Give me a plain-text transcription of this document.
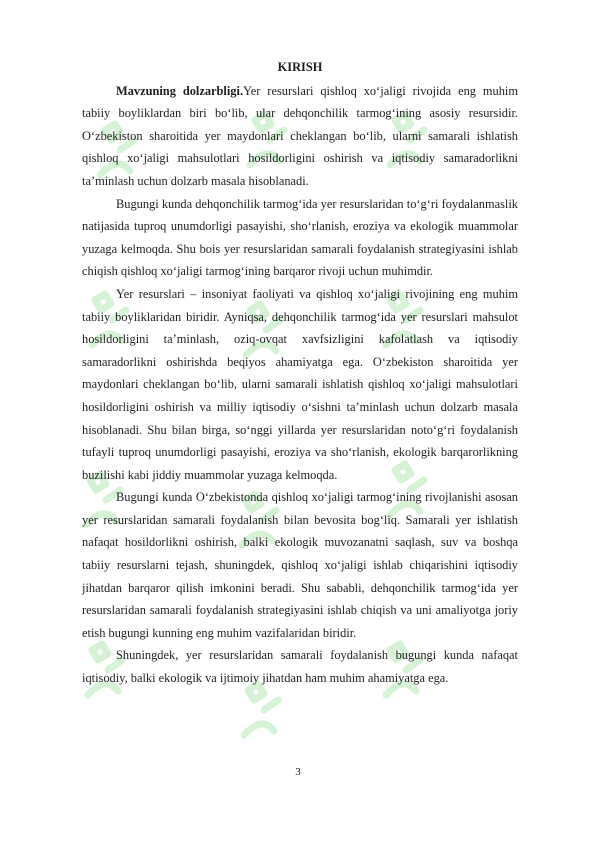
KIRISH

Mavzuning dolzarbligi.Yer resurslari qishloq xo‘jaligi rivojida eng muhim tabiiy boyliklardan biri bo‘lib, ular dehqonchilik tarmog‘ining asosiy resursidir. O‘zbekiston sharoitida yer maydonlari cheklangan bo‘lib, ularni samarali ishlatish qishloq xo‘jaligi mahsulotlari hosildorligini oshirish va iqtisodiy samaradorlikni ta’minlash uchun dolzarb masala hisoblanadi.

Bugungi kunda dehqonchilik tarmog‘ida yer resurslaridan to‘g‘ri foydalanmaslik natijasida tuproq unumdorligi pasayishi, sho‘rlanish, eroziya va ekologik muammolar yuzaga kelmoqda. Shu bois yer resurslaridan samarali foydalanish strategiyasini ishlab chiqish qishloq xo‘jaligi tarmog‘ining barqaror rivoji uchun muhimdir.

Yer resurslari – insoniyat faoliyati va qishloq xo‘jaligi rivojining eng muhim tabiiy boyliklaridan biridir. Ayniqsa, dehqonchilik tarmog‘ida yer resurslari mahsulot hosildorligini ta’minlash, oziq-ovqat xavfsizligini kafolatlash va iqtisodiy samaradorlikni oshirishda beqiyos ahamiyatga ega. O‘zbekiston sharoitida yer maydonlari cheklangan bo‘lib, ularni samarali ishlatish qishloq xo‘jaligi mahsulotlari hosildorligini oshirish va milliy iqtisodiy o‘sishni ta’minlash uchun dolzarb masala hisoblanadi. Shu bilan birga, so‘nggi yillarda yer resurslaridan noto‘g‘ri foydalanish tufayli tuproq unumdorligi pasayishi, eroziya va sho‘rlanish, ekologik barqarorlikning buzilishi kabi jiddiy muammolar yuzaga kelmoqda.

Bugungi kunda O‘zbekistonda qishloq xo‘jaligi tarmog‘ining rivojlanishi asosan yer resurslaridan samarali foydalanish bilan bevosita bog‘liq. Samarali yer ishlatish nafaqat hosildorlikni oshirish, balki ekologik muvozanatni saqlash, suv va boshqa tabiiy resurslarni tejash, shuningdek, qishloq xo‘jaligi ishlab chiqarishini iqtisodiy jihatdan barqaror qilish imkonini beradi. Shu sababli, dehqonchilik tarmog‘ida yer resurslaridan samarali foydalanish strategiyasini ishlab chiqish va uni amaliyotga joriy etish bugungi kunning eng muhim vazifalaridan biridir.

Shuningdek, yer resurslaridan samarali foydalanish bugungi kunda nafaqat iqtisodiy, balki ekologik va ijtimoiy jihatdan ham muhim ahamiyatga ega.

3
